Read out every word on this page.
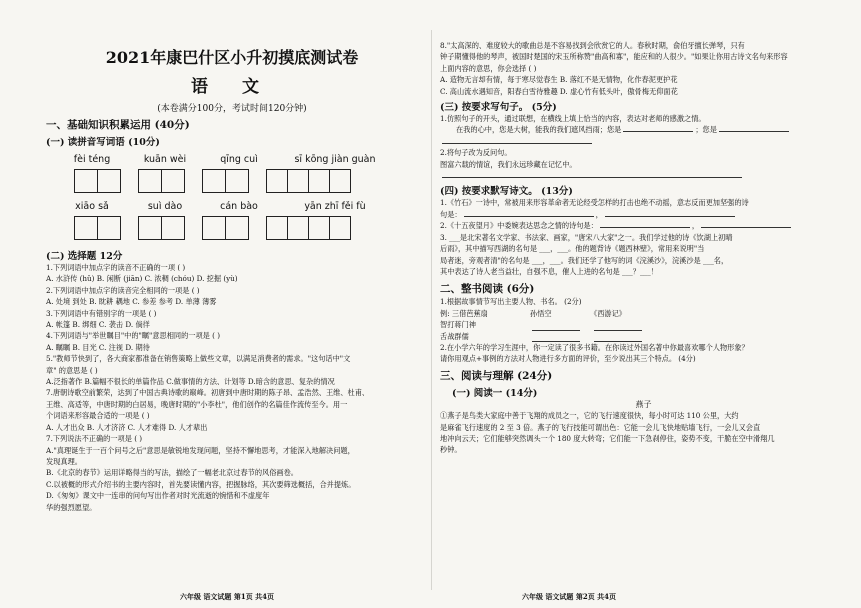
2021年康巴什区小升初摸底测试卷
语 文
(本卷满分100分，考试时间120分钟)
一、基础知识积累运用 (40分)
(一) 读拼音写词语 (10分)
fèi téng	kuān wèi	qīng cuì	sī kōng jiàn guàn
xiāo sǎ	suì dào	cán bào	yān zhī fěi fù
(二) 选择题 12分
1.下列词语中加点字的读音不正确的一项 ( )
A. 水浒传 (hǔ) B. 闲断 (jiān) C. 浓稠 (chóu) D. 挖掘 (yù)
2.下列词语中加点字的读音完全相同的一项是 ( )
A. 处境 到处 B. 眈耕 耦地 C. 参差 参考 D. 单薄 薄雾
3.下列词语中有错别字的一项是 ( )
A. 帐篷 B. 绑细 C. 袭击 D. 倘徉
4.下列词语与"举世瞩目"中的"瞩"意思相同的一项是 ( )
A. 瞩瞩 B. 目光 C. 注视 D. 期待
5."教师节快到了，各大商家都准备在销售策略上做些文章，以满足消费者的需求。"这句话中"文
章" 的意思是 ( )
A.泛指著作 B.篇幅不很长的单篇作品 C.做事情的方法、计划等 D.暗含的意思、复杂的情况
7.唐朝诗歌空前繁荣，达到了中国古典诗歌的巅峰。初唐到中唐时期的陈子昂、孟浩然、王维、杜甫、
王维、高适等，中唐时期的白居易，晚唐时期的"小李杜"，他们创作的名篇佳作流传至今。用一
个词语来形容最合适的一项是 ( )
A. 人才出众 B. 人才济济 C. 人才难得 D. 人才辈出
7.下列说法不正确的一项是 ( )
A."真理诞生于一百个问号之后"意思是敏锐地发现问题，坚持不懈地思考，才能深入地解决问题，
发现真理。
B.《北京的春节》运用详略得当的写法，描绘了一幅老北京过春节的风俗画卷。
C.以被概的形式介绍书的主要内容时，首先要读懂内容，把握脉络，其次要筛选概括，合并提炼。
D.《匆匆》课文中一连串的问句写出作者对时光流逝的惋惜和不虚度年
华的强烈愿望。
六年级 语文试题 第1页 共4页
8."太高深的、难度较大的歌曲总是不容易找到会欣赏它的人。春秋时期，俞伯牙擅长弹琴，只有
钟子期懂得他的琴声，被国时楚国的宋玉所称赞"曲高和寡"，能应和的人很少。"如果让你用古诗文名句来形容
上面内容的意思，你会选择 ( )
A. 造物无言却有情，每于寒尽觉春生 B. 落红不是无情物，化作春泥更护花
C. 高山流水遇知音，阳春白雪待雅趣 D. 虚心竹有低头叶，傲骨梅无仰面花
(三) 按要求写句子。 (5分)
1.仿照句子的开头，通过联想，在横线上填上恰当的内容，表达对老师的感激之情。
在我的心中，您是大树，能我的我们遮风挡雨；您是	；您是
2.将句子改为反问句。
图富六载的情谊，我们永远珍藏在记忆中。
(四) 按要求默写诗文。 (13分)
1.《竹石》一诗中，常被用来形容革命者无论经受怎样的打击也绝不动摇，意志反而更加坚强的诗
句是：	，
2.《十五夜望月》中委婉表达思念之情的诗句是：	，
3. ___是北宋著名文学家、书法家、画家，"唐宋八大家"之一。我们学过他的诗《饮湖上初晴
后雨》，其中描写西湖的名句是 ___，___。他的题背诗《题西林壁》，常用来说明"当
局者迷，旁观者清"的名句是 ___，___。我们还学了他写的词《浣溪沙》，浣溪沙是 ___名，
其中表达了诗人老当益壮，自强不息，催人上进的名句是 ___？___！
二、整书阅读 (6分)
1.根据故事情节写出主要人物、书名。 (2分)
例: 三借芭蕉扇	孙悟空	《西游记》
智打蒋门神
舌战群儒
2.在小学六年的学习生涯中，你一定读了很多书籍。在你读过外国名著中你最喜欢哪个人物形象？
请你用观点+事例的方法对人物进行多方面的评价，至少说出其三个特点。 (4分)
三、阅读与理解 (24分)
(一) 阅读一 (14分)
燕子
①燕子是鸟类大家庭中善于飞翔的成员之一，它的飞行速度很快，每小时可达 110 公里，大约
是麻雀飞行速度的 2 至 3 倍。燕子的飞行技能可谓出色：它能一会儿飞快地贴墙飞行，一会儿又会直
地冲向云天；它们能够突然调头一个 180 度大转弯；它们能一下急刹停住，姿势不变，干脆在空中滑翔几
秒钟。
六年级 语文试题 第2页 共4页
